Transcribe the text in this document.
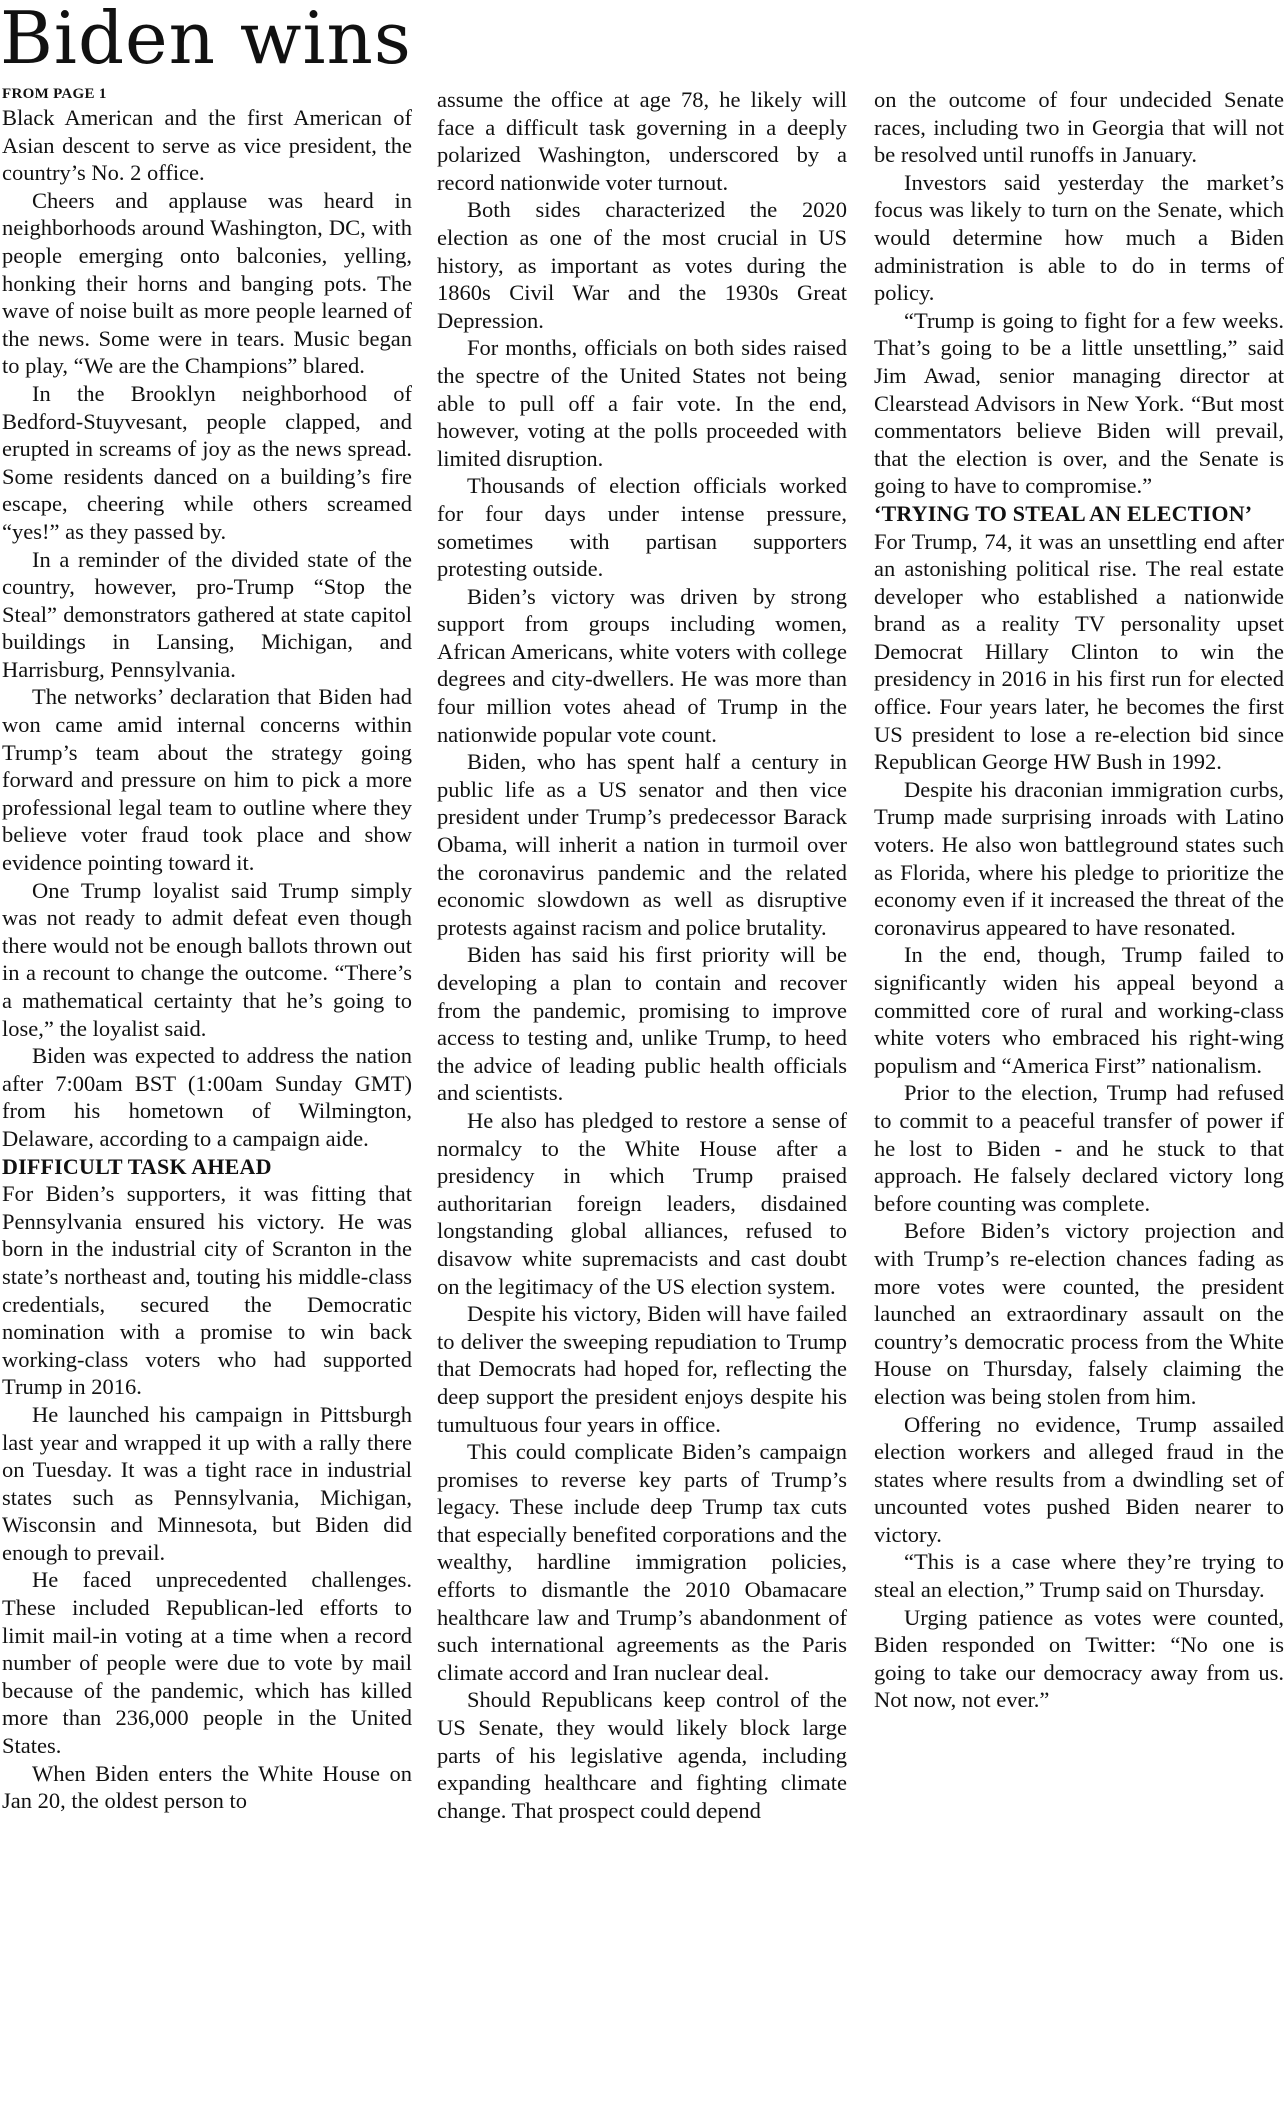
Biden wins
FROM PAGE 1

Black American and the first American of Asian descent to serve as vice president, the country’s No. 2 office.

Cheers and applause was heard in neighborhoods around Washington, DC, with people emerging onto balconies, yelling, honking their horns and banging pots. The wave of noise built as more people learned of the news. Some were in tears. Music began to play, “We are the Champions” blared.

In the Brooklyn neighborhood of Bedford-Stuyvesant, people clapped, and erupted in screams of joy as the news spread. Some residents danced on a building’s fire escape, cheering while others screamed “yes!” as they passed by.

In a reminder of the divided state of the country, however, pro-Trump “Stop the Steal” demonstrators gathered at state capitol buildings in Lansing, Michigan, and Harrisburg, Pennsylvania.

The networks’ declaration that Biden had won came amid internal concerns within Trump’s team about the strategy going forward and pressure on him to pick a more professional legal team to outline where they believe voter fraud took place and show evidence pointing toward it.

One Trump loyalist said Trump simply was not ready to admit defeat even though there would not be enough ballots thrown out in a recount to change the outcome. “There’s a mathematical certainty that he’s going to lose,” the loyalist said.

Biden was expected to address the nation after 7:00am BST (1:00am Sunday GMT) from his hometown of Wilmington, Delaware, according to a campaign aide.

DIFFICULT TASK AHEAD

For Biden’s supporters, it was fitting that Pennsylvania ensured his victory. He was born in the industrial city of Scranton in the state’s northeast and, touting his middle-class credentials, secured the Democratic nomination with a promise to win back working-class voters who had supported Trump in 2016.

He launched his campaign in Pittsburgh last year and wrapped it up with a rally there on Tuesday. It was a tight race in industrial states such as Pennsylvania, Michigan, Wisconsin and Minnesota, but Biden did enough to prevail.

He faced unprecedented challenges. These included Republican-led efforts to limit mail-in voting at a time when a record number of people were due to vote by mail because of the pandemic, which has killed more than 236,000 people in the United States.

When Biden enters the White House on Jan 20, the oldest person to

assume the office at age 78, he likely will face a difficult task governing in a deeply polarized Washington, underscored by a record nationwide voter turnout.

Both sides characterized the 2020 election as one of the most crucial in US history, as important as votes during the 1860s Civil War and the 1930s Great Depression.

For months, officials on both sides raised the spectre of the United States not being able to pull off a fair vote. In the end, however, voting at the polls proceeded with limited disruption.

Thousands of election officials worked for four days under intense pressure, sometimes with partisan supporters protesting outside.

Biden’s victory was driven by strong support from groups including women, African Americans, white voters with college degrees and city-dwellers. He was more than four million votes ahead of Trump in the nationwide popular vote count.

Biden, who has spent half a century in public life as a US senator and then vice president under Trump’s predecessor Barack Obama, will inherit a nation in turmoil over the coronavirus pandemic and the related economic slowdown as well as disruptive protests against racism and police brutality.

Biden has said his first priority will be developing a plan to contain and recover from the pandemic, promising to improve access to testing and, unlike Trump, to heed the advice of leading public health officials and scientists.

He also has pledged to restore a sense of normalcy to the White House after a presidency in which Trump praised authoritarian foreign leaders, disdained longstanding global alliances, refused to disavow white supremacists and cast doubt on the legitimacy of the US election system.

Despite his victory, Biden will have failed to deliver the sweeping repudiation to Trump that Democrats had hoped for, reflecting the deep support the president enjoys despite his tumultuous four years in office.

This could complicate Biden’s campaign promises to reverse key parts of Trump’s legacy. These include deep Trump tax cuts that especially benefited corporations and the wealthy, hardline immigration policies, efforts to dismantle the 2010 Obamacare healthcare law and Trump’s abandonment of such international agreements as the Paris climate accord and Iran nuclear deal.

Should Republicans keep control of the US Senate, they would likely block large parts of his legislative agenda, including expanding healthcare and fighting climate change. That prospect could depend

on the outcome of four undecided Senate races, including two in Georgia that will not be resolved until runoffs in January.

Investors said yesterday the market’s focus was likely to turn on the Senate, which would determine how much a Biden administration is able to do in terms of policy.

“Trump is going to fight for a few weeks. That’s going to be a little unsettling,” said Jim Awad, senior managing director at Clearstead Advisors in New York. “But most commentators believe Biden will prevail, that the election is over, and the Senate is going to have to compromise.”

‘TRYING TO STEAL AN ELECTION’

For Trump, 74, it was an unsettling end after an astonishing political rise. The real estate developer who established a nationwide brand as a reality TV personality upset Democrat Hillary Clinton to win the presidency in 2016 in his first run for elected office. Four years later, he becomes the first US president to lose a re-election bid since Republican George HW Bush in 1992.

Despite his draconian immigration curbs, Trump made surprising inroads with Latino voters. He also won battleground states such as Florida, where his pledge to prioritize the economy even if it increased the threat of the coronavirus appeared to have resonated.

In the end, though, Trump failed to significantly widen his appeal beyond a committed core of rural and working-class white voters who embraced his right-wing populism and “America First” nationalism.

Prior to the election, Trump had refused to commit to a peaceful transfer of power if he lost to Biden - and he stuck to that approach. He falsely declared victory long before counting was complete.

Before Biden’s victory projection and with Trump’s re-election chances fading as more votes were counted, the president launched an extraordinary assault on the country’s democratic process from the White House on Thursday, falsely claiming the election was being stolen from him.

Offering no evidence, Trump assailed election workers and alleged fraud in the states where results from a dwindling set of uncounted votes pushed Biden nearer to victory.

“This is a case where they’re trying to steal an election,” Trump said on Thursday.

Urging patience as votes were counted, Biden responded on Twitter: “No one is going to take our democracy away from us. Not now, not ever.”
